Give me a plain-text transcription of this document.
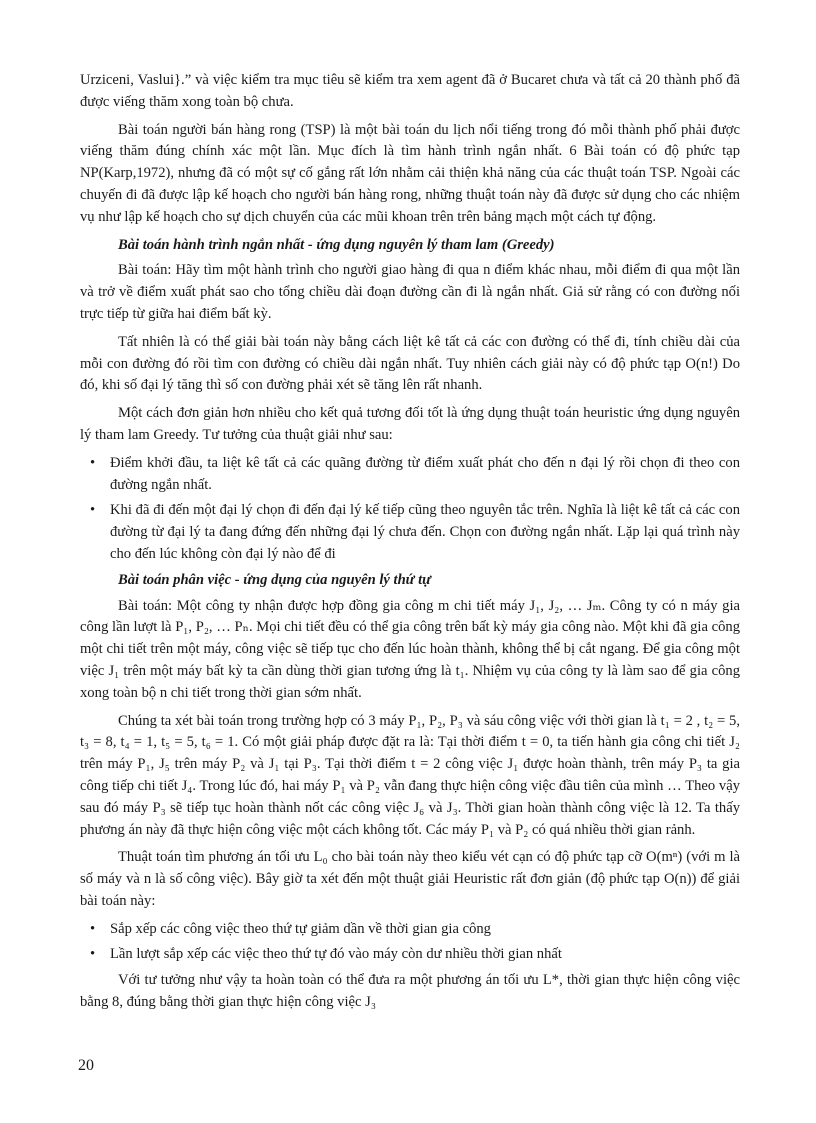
Urziceni, Vaslui}.” và việc kiểm tra mục tiêu sẽ kiểm tra xem agent đã ở Bucaret chưa và tất cả 20 thành phố đã được viếng thăm xong toàn bộ chưa.

Bài toán người bán hàng rong (TSP) là một bài toán du lịch nổi tiếng trong đó mỗi thành phố phải được viếng thăm đúng chính xác một lần. Mục đích là tìm hành trình ngắn nhất. 6 Bài toán có độ phức tạp NP(Karp,1972), nhưng đã có một sự cố gắng rất lớn nhằm cải thiện khả năng của các thuật toán TSP. Ngoài các chuyến đi đã được lập kế hoạch cho người bán hàng rong, những thuật toán này đã được sử dụng cho các nhiệm vụ như lập kế hoạch cho sự dịch chuyển của các mũi khoan trên trên bảng mạch một cách tự động.

Bài toán hành trình ngắn nhất - ứng dụng nguyên lý tham lam (Greedy)

Bài toán: Hãy tìm một hành trình cho người giao hàng đi qua n điểm khác nhau, mỗi điểm đi qua một lần và trở về điểm xuất phát sao cho tổng chiều dài đoạn đường cần đi là ngắn nhất. Giả sử rằng có con đường nối trực tiếp từ giữa hai điểm bất kỳ.

Tất nhiên là có thể giải bài toán này bằng cách liệt kê tất cả các con đường có thể đi, tính chiều dài của mỗi con đường đó rồi tìm con đường có chiều dài ngắn nhất. Tuy nhiên cách giải này có độ phức tạp O(n!) Do đó, khi số đại lý tăng thì số con đường phải xét sẽ tăng lên rất nhanh.

Một cách đơn giản hơn nhiều cho kết quả tương đối tốt là ứng dụng thuật toán heuristic ứng dụng nguyên lý tham lam Greedy. Tư tưởng của thuật giải như sau:

• Điểm khởi đầu, ta liệt kê tất cả các quãng đường từ điểm xuất phát cho đến n đại lý rồi chọn đi theo con đường ngắn nhất.

• Khi đã đi đến một đại lý chọn đi đến đại lý kế tiếp cũng theo nguyên tắc trên. Nghĩa là liệt kê tất cả các con đường từ đại lý ta đang đứng đến những đại lý chưa đến. Chọn con đường ngắn nhất. Lặp lại quá trình này cho đến lúc không còn đại lý nào để đi

Bài toán phân việc - ứng dụng của nguyên lý thứ tự

Bài toán: Một công ty nhận được hợp đồng gia công m chi tiết máy J₁, J₂, … Jₘ. Công ty có n máy gia công lần lượt là P₁, P₂, … Pₙ. Mọi chi tiết đều có thể gia công trên bất kỳ máy gia công nào. Một khi đã gia công một chi tiết trên một máy, công việc sẽ tiếp tục cho đến lúc hoàn thành, không thể bị cắt ngang. Để gia công một việc J₁ trên một máy bất kỳ ta cần dùng thời gian tương ứng là t₁. Nhiệm vụ của công ty là làm sao để gia công xong toàn bộ n chi tiết trong thời gian sớm nhất.

Chúng ta xét bài toán trong trường hợp có 3 máy P₁, P₂, P₃ và sáu công việc với thời gian là t₁ = 2 , t₂ = 5, t₃ = 8, t₄ = 1, t₅ = 5, t₆ = 1. Có một giải pháp được đặt ra là: Tại thời điểm t = 0, ta tiến hành gia công chi tiết J₂ trên máy P₁, J₅ trên máy P₂ và J₁ tại P₃. Tại thời điểm t = 2 công việc J₁ được hoàn thành, trên máy P₃ ta gia công tiếp chi tiết J₄. Trong lúc đó, hai máy P₁ và P₂ vẫn đang thực hiện công việc đầu tiên của mình … Theo vậy sau đó máy P₃ sẽ tiếp tục hoàn thành nốt các công việc J₆ và J₃. Thời gian hoàn thành công việc là 12. Ta thấy phương án này đã thực hiện công việc một cách không tốt. Các máy P₁ và P₂ có quá nhiều thời gian rảnh.

Thuật toán tìm phương án tối ưu L₀ cho bài toán này theo kiểu vét cạn có độ phức tạp cỡ O(mⁿ) (với m là số máy và n là số công việc). Bây giờ ta xét đến một thuật giải Heuristic rất đơn giản (độ phức tạp O(n)) để giải bài toán này:

• Sắp xếp các công việc theo thứ tự giảm dần về thời gian gia công

• Lần lượt sắp xếp các việc theo thứ tự đó vào máy còn dư nhiều thời gian nhất

Với tư tưởng như vậy ta hoàn toàn có thể đưa ra một phương án tối ưu L*, thời gian thực hiện công việc bằng 8, đúng bằng thời gian thực hiện công việc J₃

20
